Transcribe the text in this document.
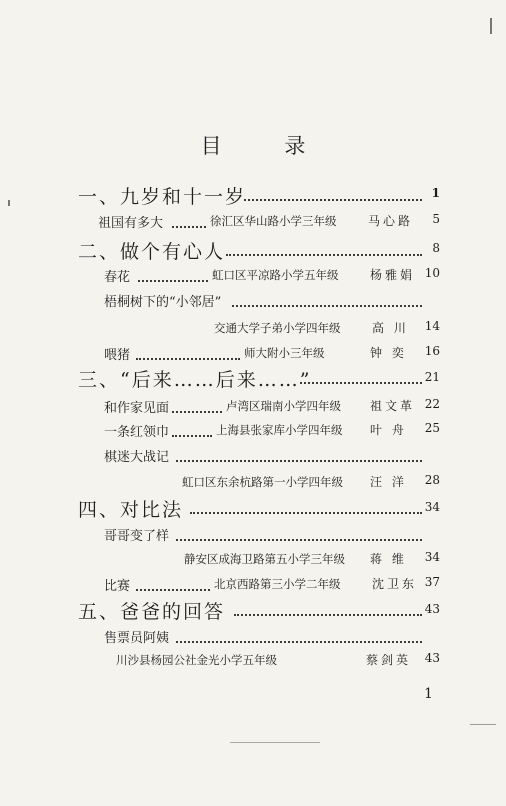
目 录
一、九岁和十一岁	1
祖国有多大	徐汇区华山路小学三年级	马心路	5
二、做个有心人	8
春花	虹口区平凉路小学五年级	杨雅娟 10
梧桐树下的“小邻居”
交通大学子弟小学四年级	高 川	14
喂猪	师大附小三年级	钟 奕	16
三、“后来……后来……”	21
和作家见面	卢湾区瑞南小学四年级 祖文革 22
一条红领巾	上海县张家库小学四年级 叶 舟	25
棋迷大战记
虹口区东余杭路第一小学四年级 汪 洋	28
四、对比法	34
哥哥变了样
静安区成海卫路第五小学三年级 蒋 维	34
比赛	北京西路第三小学二年级	沈卫东 37
五、爸爸的回答	43
售票员阿姨
川沙县杨园公社金光小学五年级	蔡剑英	43
1
